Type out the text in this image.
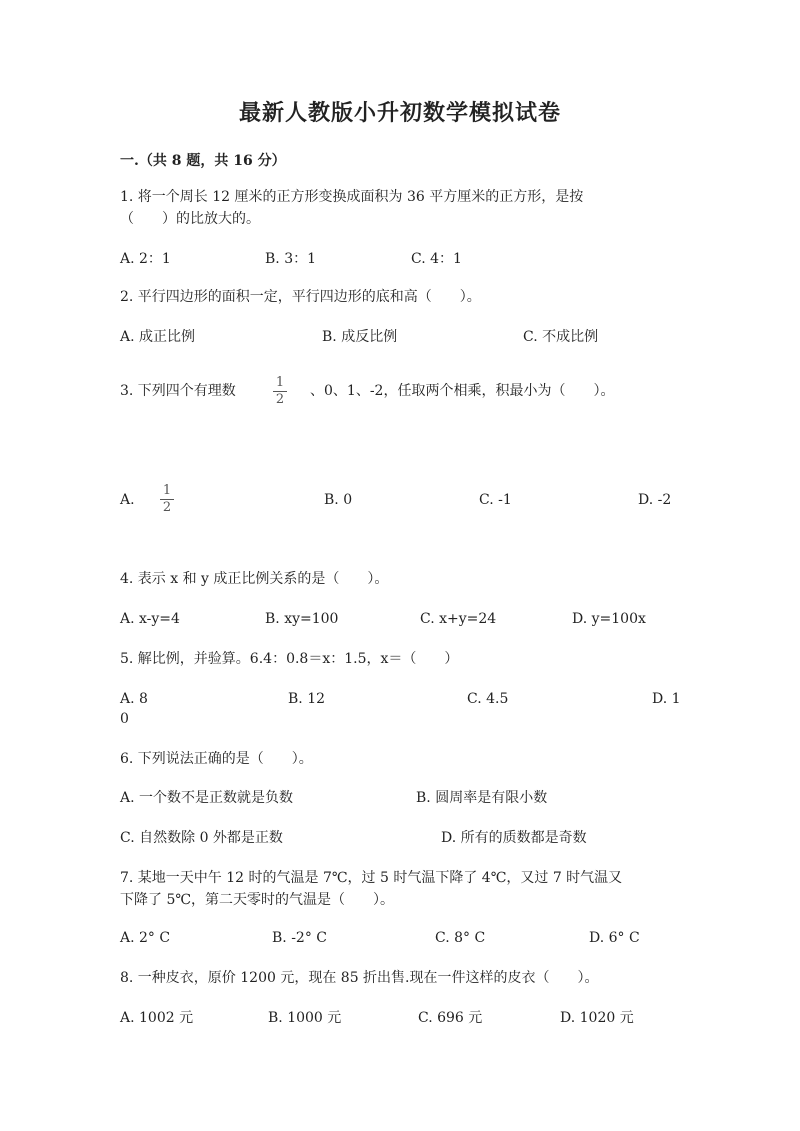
最新人教版小升初数学模拟试卷
一.（共 8 题，共 16 分）
1. 将一个周长 12 厘米的正方形变换成面积为 36 平方厘米的正方形，是按
（　　）的比放大的。
A. 2：1	B. 3：1	C. 4：1
2. 平行四边形的面积一定，平行四边形的底和高（　　）。
A. 成正比例	B. 成反比例	C. 不成比例
3. 下列四个有理数
1
2
、0、1、-2，任取两个相乘，积最小为（　　）。
A.
1
2	B. 0	C. -1	D. -2
4. 表示 x 和 y 成正比例关系的是（　　）。
A. x-y=4	B. xy=100	C. x+y=24	D. y=100x
5. 解比例，并验算。6.4：0.8＝x：1.5，x＝（　　）
A. 8	B. 12	C. 4.5	D. 1
0
6. 下列说法正确的是（　　）。
A. 一个数不是正数就是负数	B. 圆周率是有限小数
C. 自然数除 0 外都是正数	D. 所有的质数都是奇数
7. 某地一天中午 12 时的气温是 7℃，过 5 时气温下降了 4℃，又过 7 时气温又
下降了 5℃，第二天零时的气温是（　　）。
A. 2° C	B. -2° C	C. 8° C	D. 6° C
8. 一种皮衣，原价 1200 元，现在 85 折出售.现在一件这样的皮衣（　　）。
A. 1002 元	B. 1000 元	C. 696 元	D. 1020 元
